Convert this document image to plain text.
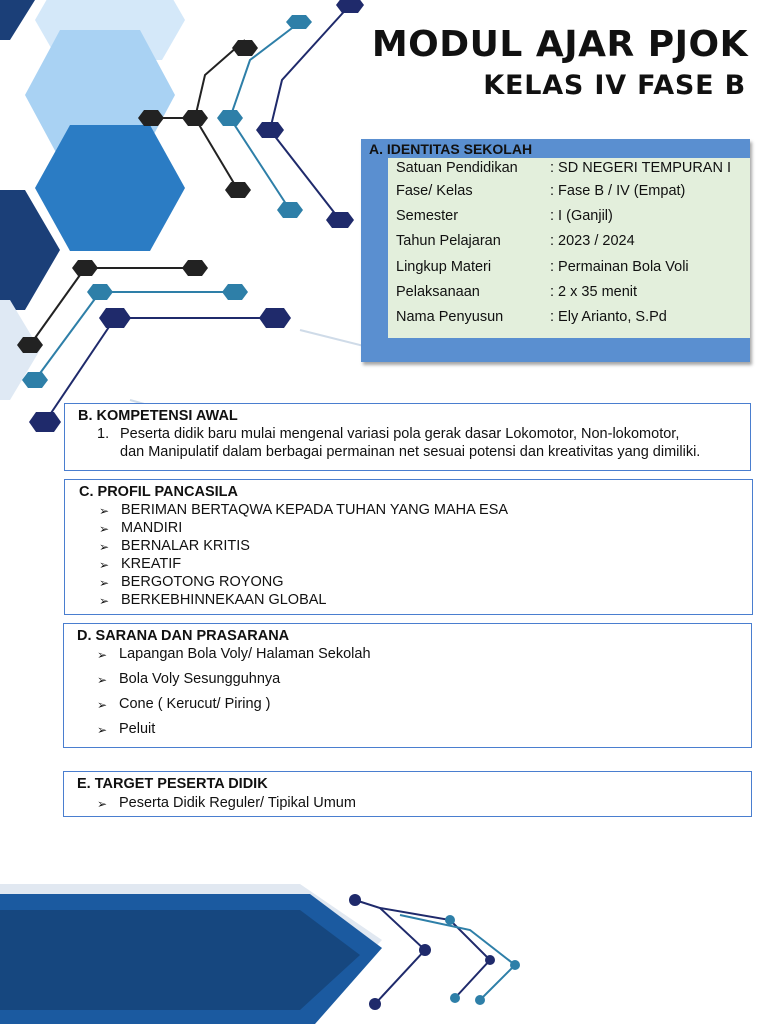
MODUL AJAR PJOK
KELAS IV FASE B
A. IDENTITAS SEKOLAH
Satuan Pendidikan : SD NEGERI TEMPURAN I
Fase/ Kelas	: Fase B / IV (Empat)
Semester	: I (Ganjil)
Tahun Pelajaran	: 2023 / 2024
Lingkup Materi	: Permainan Bola Voli
Pelaksanaan	: 2 x 35 menit
Nama Penyusun	: Ely Arianto, S.Pd
B. KOMPETENSI AWAL
1. Peserta didik baru mulai mengenal variasi pola gerak dasar Lokomotor, Non-lokomotor,
dan Manipulatif dalam berbagai permainan net sesuai potensi dan kreativitas yang dimiliki.
C. PROFIL PANCASILA
➢ BERIMAN BERTAQWA KEPADA TUHAN YANG MAHA ESA
➢ MANDIRI
➢ BERNALAR KRITIS
➢ KREATIF
➢ BERGOTONG ROYONG
➢ BERKEBHINNEKAAN GLOBAL
D. SARANA DAN PRASARANA
➢ Lapangan Bola Voly/ Halaman Sekolah
➢ Bola Voly Sesungguhnya
➢ Cone ( Kerucut/ Piring )
➢ Peluit
E. TARGET PESERTA DIDIK
➢ Peserta Didik Reguler/ Tipikal Umum
